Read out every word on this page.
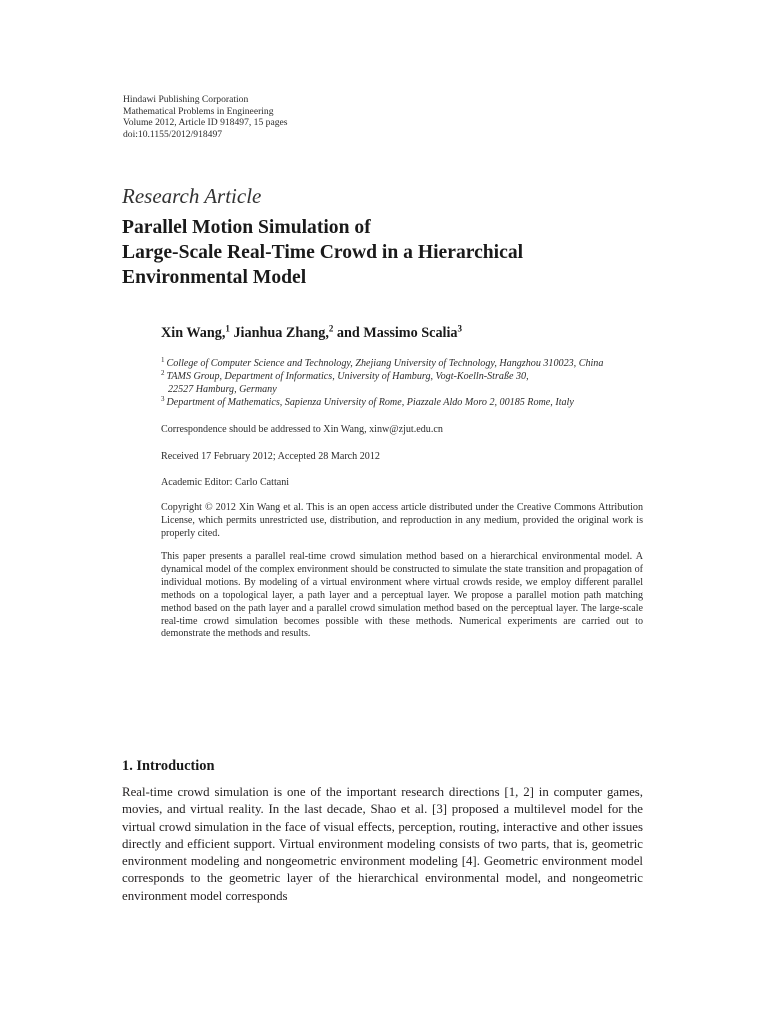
Hindawi Publishing Corporation
Mathematical Problems in Engineering
Volume 2012, Article ID 918497, 15 pages
doi:10.1155/2012/918497
Research Article
Parallel Motion Simulation of
Large-Scale Real-Time Crowd in a Hierarchical
Environmental Model
Xin Wang,$^1$ Jianhua Zhang,$^2$ and Massimo Scalia$^3$
$^1$ College of Computer Science and Technology, Zhejiang University of Technology, Hangzhou 310023, China
$^2$ TAMS Group, Department of Informatics, University of Hamburg, Vogt-Koelln-Straße 30,
22527 Hamburg, Germany
$^3$ Department of Mathematics, Sapienza University of Rome, Piazzale Aldo Moro 2, 00185 Rome, Italy
Correspondence should be addressed to Xin Wang, xinw@zjut.edu.cn
Received 17 February 2012; Accepted 28 March 2012
Academic Editor: Carlo Cattani
Copyright © 2012 Xin Wang et al. This is an open access article distributed under the Creative Commons Attribution License, which permits unrestricted use, distribution, and reproduction in any medium, provided the original work is properly cited.
This paper presents a parallel real-time crowd simulation method based on a hierarchical environmental model. A dynamical model of the complex environment should be constructed to simulate the state transition and propagation of individual motions. By modeling of a virtual environment where virtual crowds reside, we employ different parallel methods on a topological layer, a path layer and a perceptual layer. We propose a parallel motion path matching method based on the path layer and a parallel crowd simulation method based on the perceptual layer. The large-scale real-time crowd simulation becomes possible with these methods. Numerical experiments are carried out to demonstrate the methods and results.
1. Introduction
Real-time crowd simulation is one of the important research directions [1, 2] in computer games, movies, and virtual reality. In the last decade, Shao et al. [3] proposed a multilevel model for the virtual crowd simulation in the face of visual effects, perception, routing, interactive and other issues directly and efficient support. Virtual environment modeling consists of two parts, that is, geometric environment modeling and nongeometric environment modeling [4]. Geometric environment model corresponds to the geometric layer of the hierarchical environmental model, and nongeometric environment model corresponds
